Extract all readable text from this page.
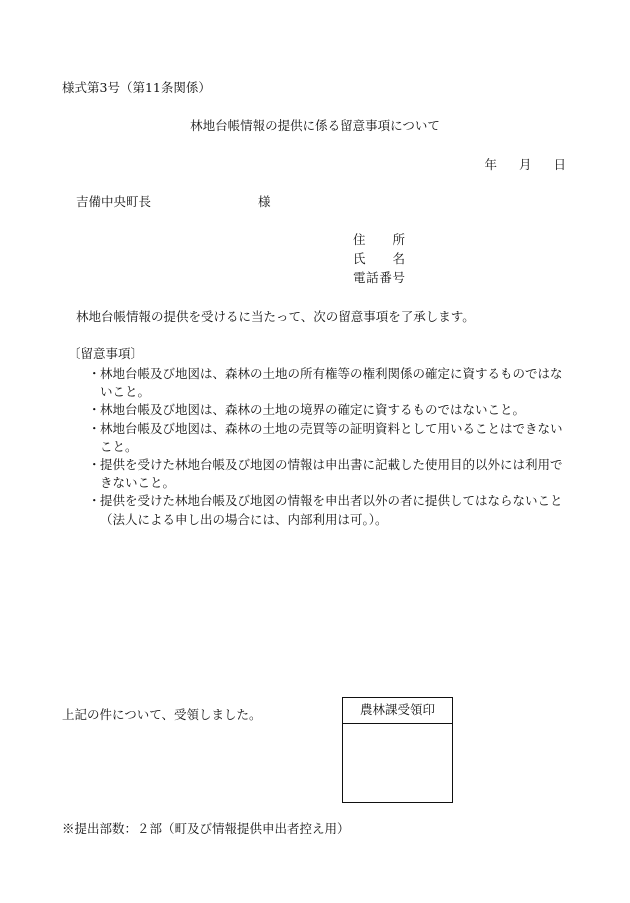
様式第3号（第11条関係）
林地台帳情報の提供に係る留意事項について
年 月 日
吉備中央町長	様
住所
氏名
電話番号
林地台帳情報の提供を受けるに当たって、次の留意事項を了承します。
〔留意事項〕
・ 林地台帳及び地図は、森林の土地の所有権等の権利関係の確定に資するものではないこと。
・ 林地台帳及び地図は、森林の土地の境界の確定に資するものではないこと。
・ 林地台帳及び地図は、森林の土地の売買等の証明資料として用いることはできないこと。
・ 提供を受けた林地台帳及び地図の情報は申出書に記載した使用目的以外には利用できないこと。
・ 提供を受けた林地台帳及び地図の情報を申出者以外の者に提供してはならないこと（法人による申し出の場合には、内部利用は可。）。
上記の件について、受領しました。	農林課受領印
※提出部数：２部（町及び情報提供申出者控え用）
